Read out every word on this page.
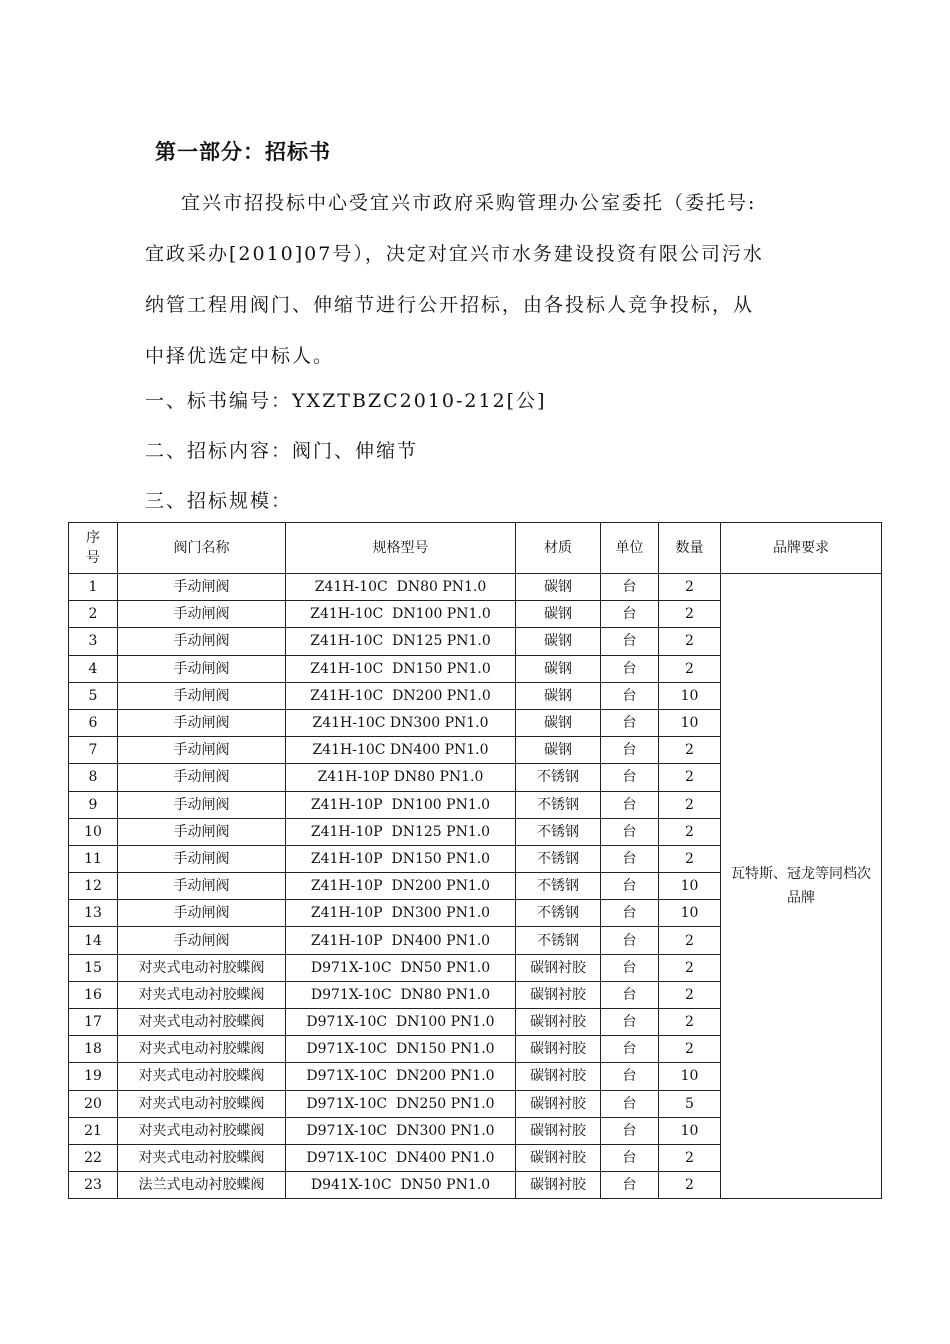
第一部分：招标书
宜兴市招投标中心受宜兴市政府采购管理办公室委托（委托号:
宜政采办[2010]07号），决定对宜兴市水务建设投资有限公司污水
纳管工程用阀门、伸缩节进行公开招标，由各投标人竞争投标，从
中择优选定中标人。
一、标书编号：YXZTBZC2010-212[公]
二、招标内容：阀门、伸缩节
三、招标规模：
序号	阀门名称	规格型号	材质	单位	数量	品牌要求
1	手动闸阀	Z41H-10C  DN80 PN1.0	碳钢	台	2	瓦特斯、冠龙等同档次品牌
2	手动闸阀	Z41H-10C  DN100 PN1.0	碳钢	台	2	
3	手动闸阀	Z41H-10C  DN125 PN1.0	碳钢	台	2	
4	手动闸阀	Z41H-10C  DN150 PN1.0	碳钢	台	2	
5	手动闸阀	Z41H-10C  DN200 PN1.0	碳钢	台	10	
6	手动闸阀	Z41H-10C DN300 PN1.0	碳钢	台	10	
7	手动闸阀	Z41H-10C DN400 PN1.0	碳钢	台	2	
8	手动闸阀	Z41H-10P DN80 PN1.0	不锈钢	台	2	
9	手动闸阀	Z41H-10P  DN100 PN1.0	不锈钢	台	2	
10	手动闸阀	Z41H-10P  DN125 PN1.0	不锈钢	台	2	
11	手动闸阀	Z41H-10P  DN150 PN1.0	不锈钢	台	2	
12	手动闸阀	Z41H-10P  DN200 PN1.0	不锈钢	台	10	
13	手动闸阀	Z41H-10P  DN300 PN1.0	不锈钢	台	10	
14	手动闸阀	Z41H-10P  DN400 PN1.0	不锈钢	台	2	
15	对夹式电动衬胶蝶阀	D971X-10C  DN50 PN1.0	碳钢衬胶	台	2	
16	对夹式电动衬胶蝶阀	D971X-10C  DN80 PN1.0	碳钢衬胶	台	2	
17	对夹式电动衬胶蝶阀	D971X-10C  DN100 PN1.0	碳钢衬胶	台	2	
18	对夹式电动衬胶蝶阀	D971X-10C  DN150 PN1.0	碳钢衬胶	台	2	
19	对夹式电动衬胶蝶阀	D971X-10C  DN200 PN1.0	碳钢衬胶	台	10	
20	对夹式电动衬胶蝶阀	D971X-10C  DN250 PN1.0	碳钢衬胶	台	5	
21	对夹式电动衬胶蝶阀	D971X-10C  DN300 PN1.0	碳钢衬胶	台	10	
22	对夹式电动衬胶蝶阀	D971X-10C  DN400 PN1.0	碳钢衬胶	台	2	
23	法兰式电动衬胶蝶阀	D941X-10C  DN50 PN1.0	碳钢衬胶	台	2	
